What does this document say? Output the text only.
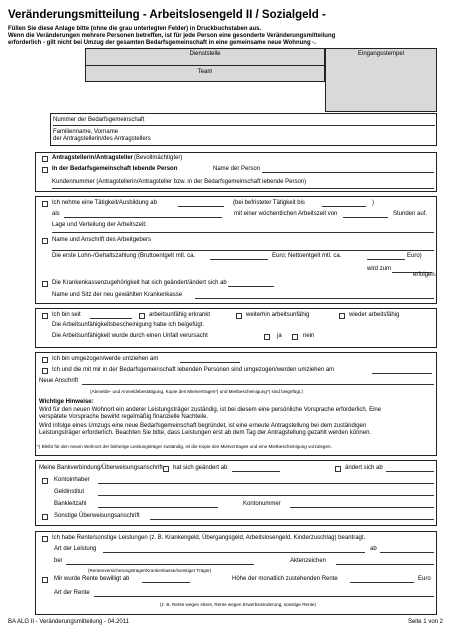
Veränderungsmitteilung - Arbeitslosengeld II / Sozialgeld -
Füllen Sie diese Anlage bitte (ohne die grau unterlegten Felder) in Druckbuchstaben aus.
Wenn die Veränderungen mehrere Personen betreffen, ist für jede Person eine gesonderte Veränderungsmitteilung
erforderlich - gilt nicht bei Umzug der gesamten Bedarfsgemeinschaft in eine gemeinsame neue Wohnung -.
Dienststelle
Team
Eingangsstempel
Nummer der Bedarfsgemeinschaft
Familienname, Vorname
der Antragstellerin/des Antragstellers
Antragstellerin/Antragsteller (Bevollmächtigter)
In der Bedarfsgemeinschaft lebende Person	Name der Person
Kundennummer (Antragstellerin/Antragsteller bzw. in der Bedarfsgemeinschaft lebende Person)
Ich nehme eine Tätigkeit/Ausbildung ab	(bei befristeter Tätigkeit bis	)
als	mit einer wöchentlichen Arbeitszeit von	Stunden auf.
Lage und Verteilung der Arbeitszeit:
Name und Anschrift des Arbeitgebers
Die erste Lohn-/Gehaltszahlung (Bruttoentgelt mtl. ca.	Euro; Nettoentgelt mtl. ca.	Euro)
wird zum
erfolgen.
Die Krankenkassenzugehörigkeit hat sich geändert/ändert sich ab
Name und Sitz der neu gewählten Krankenkasse
Ich bin seit	arbeitsunfähig erkrankt	weiterhin arbeitsunfähig	wieder arbeitsfähig
Die Arbeitsunfähigkeitsbescheinigung habe ich beigefügt.
Die Arbeitsunfähigkeit wurde durch einen Unfall verursacht	ja	nein
Ich bin umgezogen/werde umziehen am
Ich und die mit mir in der Bedarfsgemeinschaft lebenden Personen sind umgezogen/werden umziehen am
Neue Anschrift
(Abmelde- und Anmeldebestätigung, Kopie des Mietvertrages*) und Mietbescheinigung*) sind beigefügt.)
Wichtige Hinweise:
Wird für den neuen Wohnort ein anderer Leistungsträger zuständig, ist bei diesem eine persönliche Vorsprache erforderlich. Eine
verspätete Vorsprache bewirkt regelmäßig finanzielle Nachteile.
Wird infolge eines Umzugs eine neue Bedarfsgemeinschaft begründet, ist eine erneute Antragstellung bei dem zuständigen
Leistungsträger erforderlich. Beachten Sie bitte, dass Leistungen erst ab dem Tag der Antragstellung gezahlt werden können.
*) Bleibt für den neuen Wohnort der bisherige Leistungsträger zuständig, ist die Kopie des Mietvertrages und eine Mietbescheinigung vorzulegen.
Meine Bankverbindung/Überweisungsanschrift hat sich geändert ab	ändert sich ab
Kontoinhaber
Geldinstitut
Bankleitzahl	Kontonummer
Sonstige Überweisungsanschrift
Ich habe Rente/sonstige Leistungen (z. B. Krankengeld, Übergangsgeld, Arbeitslosengeld, Kinderzuschlag) beantragt.
Art der Leistung	ab
bei	Aktenzeichen
(Rentenversicherungsträger/Krankenkasse/sonstiger Träger)
Mir wurde Rente bewilligt ab	Höhe der monatlich zustehenden Rente	Euro
Art der Rente
(z. B. Rente wegen Alters, Rente wegen Erwerbsminderung, sonstige Rente)
BA ALG II - Veränderungsmitteilung - 04.2011	Seite 1 von 2
